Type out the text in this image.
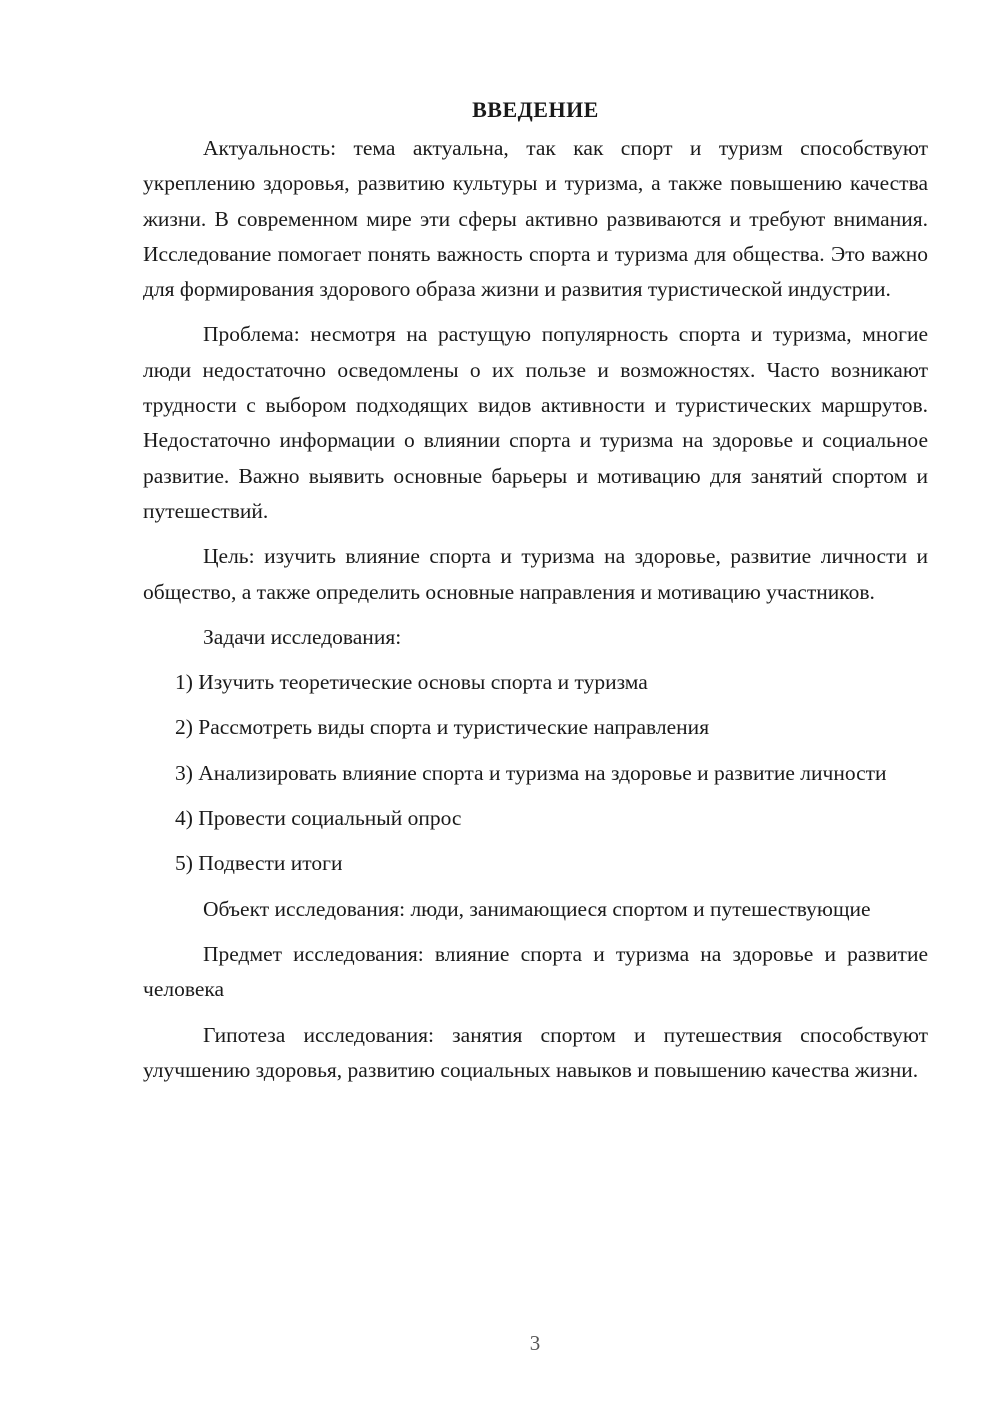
ВВЕДЕНИЕ

Актуальность: тема актуальна, так как спорт и туризм способствуют укреплению здоровья, развитию культуры и туризма, а также повышению качества жизни. В современном мире эти сферы активно развиваются и требуют внимания. Исследование помогает понять важность спорта и туризма для общества. Это важно для формирования здорового образа жизни и развития туристической индустрии.

Проблема: несмотря на растущую популярность спорта и туризма, многие люди недостаточно осведомлены о их пользе и возможностях. Часто возникают трудности с выбором подходящих видов активности и туристических маршрутов. Недостаточно информации о влиянии спорта и туризма на здоровье и социальное развитие. Важно выявить основные барьеры и мотивацию для занятий спортом и путешествий.

Цель: изучить влияние спорта и туризма на здоровье, развитие личности и общество, а также определить основные направления и мотивацию участников.

Задачи исследования:

1) Изучить теоретические основы спорта и туризма

2) Рассмотреть виды спорта и туристические направления

3) Анализировать влияние спорта и туризма на здоровье и развитие личности

4) Провести социальный опрос

5) Подвести итоги

Объект исследования: люди, занимающиеся спортом и путешествующие

Предмет исследования: влияние спорта и туризма на здоровье и развитие человека

Гипотеза исследования: занятия спортом и путешествия способствуют улучшению здоровья, развитию социальных навыков и повышению качества жизни.

3
